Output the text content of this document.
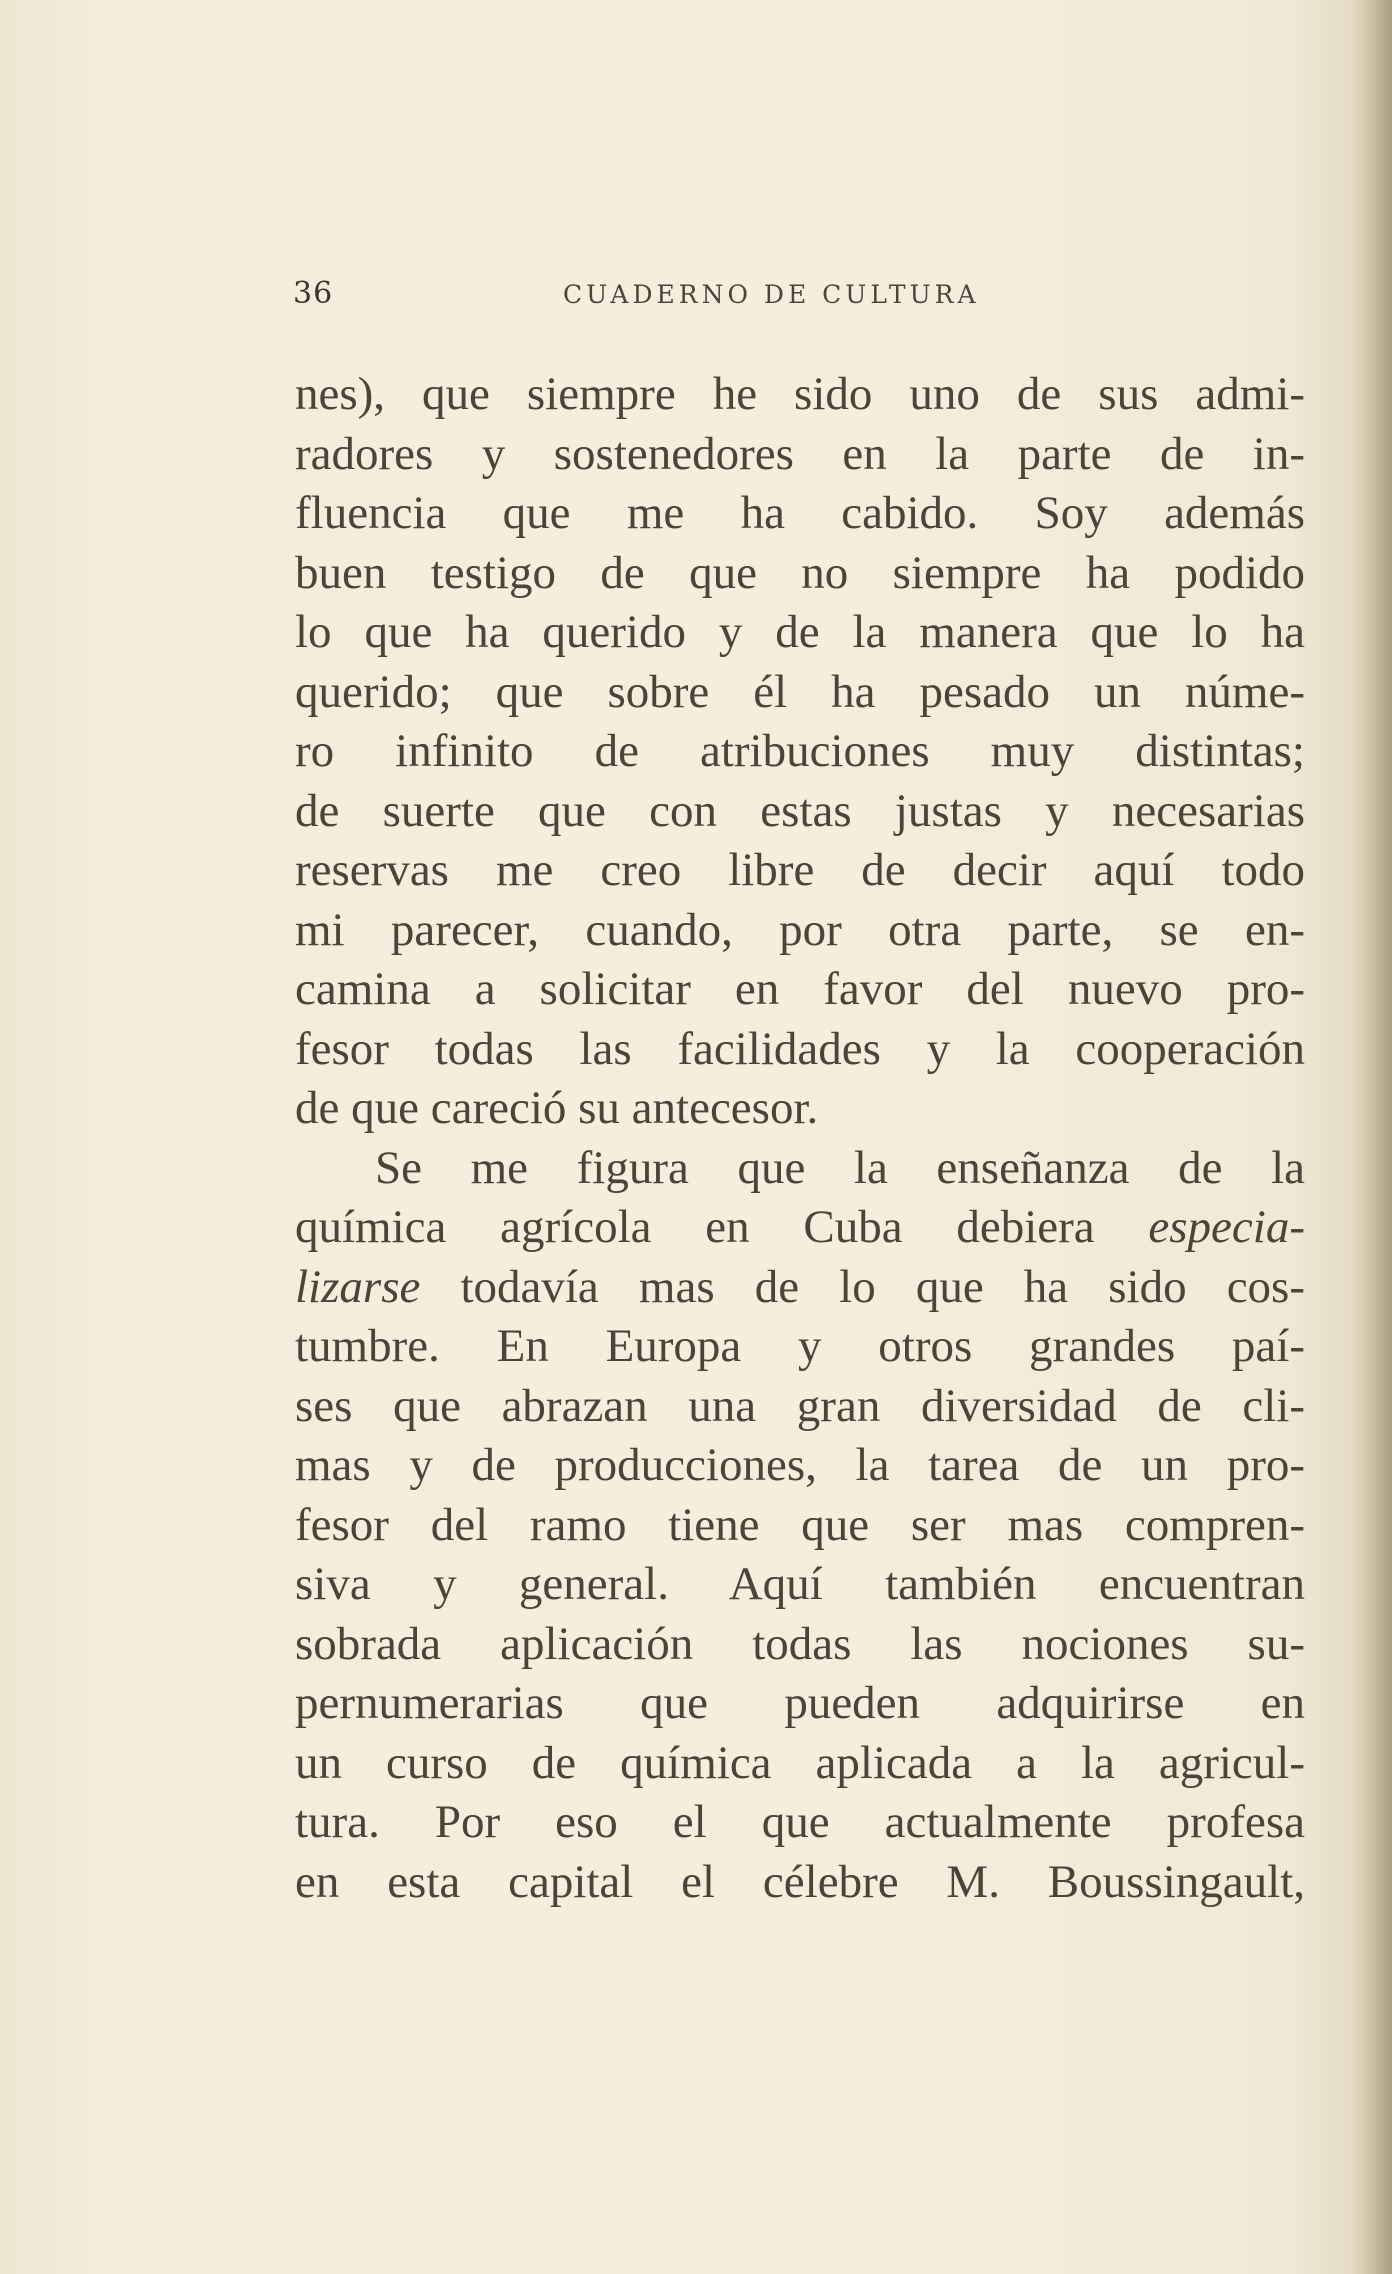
36	CUADERNO DE CULTURA
nes), que siempre he sido uno de sus admi-
radores y sostenedores en la parte de in-
fluencia que me ha cabido. Soy además
buen testigo de que no siempre ha podido
lo que ha querido y de la manera que lo ha
querido; que sobre él ha pesado un núme-
ro infinito de atribuciones muy distintas;
de suerte que con estas justas y necesarias
reservas me creo libre de decir aquí todo
mi parecer, cuando, por otra parte, se en-
camina a solicitar en favor del nuevo pro-
fesor todas las facilidades y la cooperación
de que careció su antecesor.
Se me figura que la enseñanza de la
química agrícola en Cuba debiera especia-
lizarse todavía mas de lo que ha sido cos-
tumbre. En Europa y otros grandes paí-
ses que abrazan una gran diversidad de cli-
mas y de producciones, la tarea de un pro-
fesor del ramo tiene que ser mas compren-
siva y general. Aquí también encuentran
sobrada aplicación todas las nociones su-
pernumerarias que pueden adquirirse en
un curso de química aplicada a la agricul-
tura. Por eso el que actualmente profesa
en esta capital el célebre M. Boussingault,
